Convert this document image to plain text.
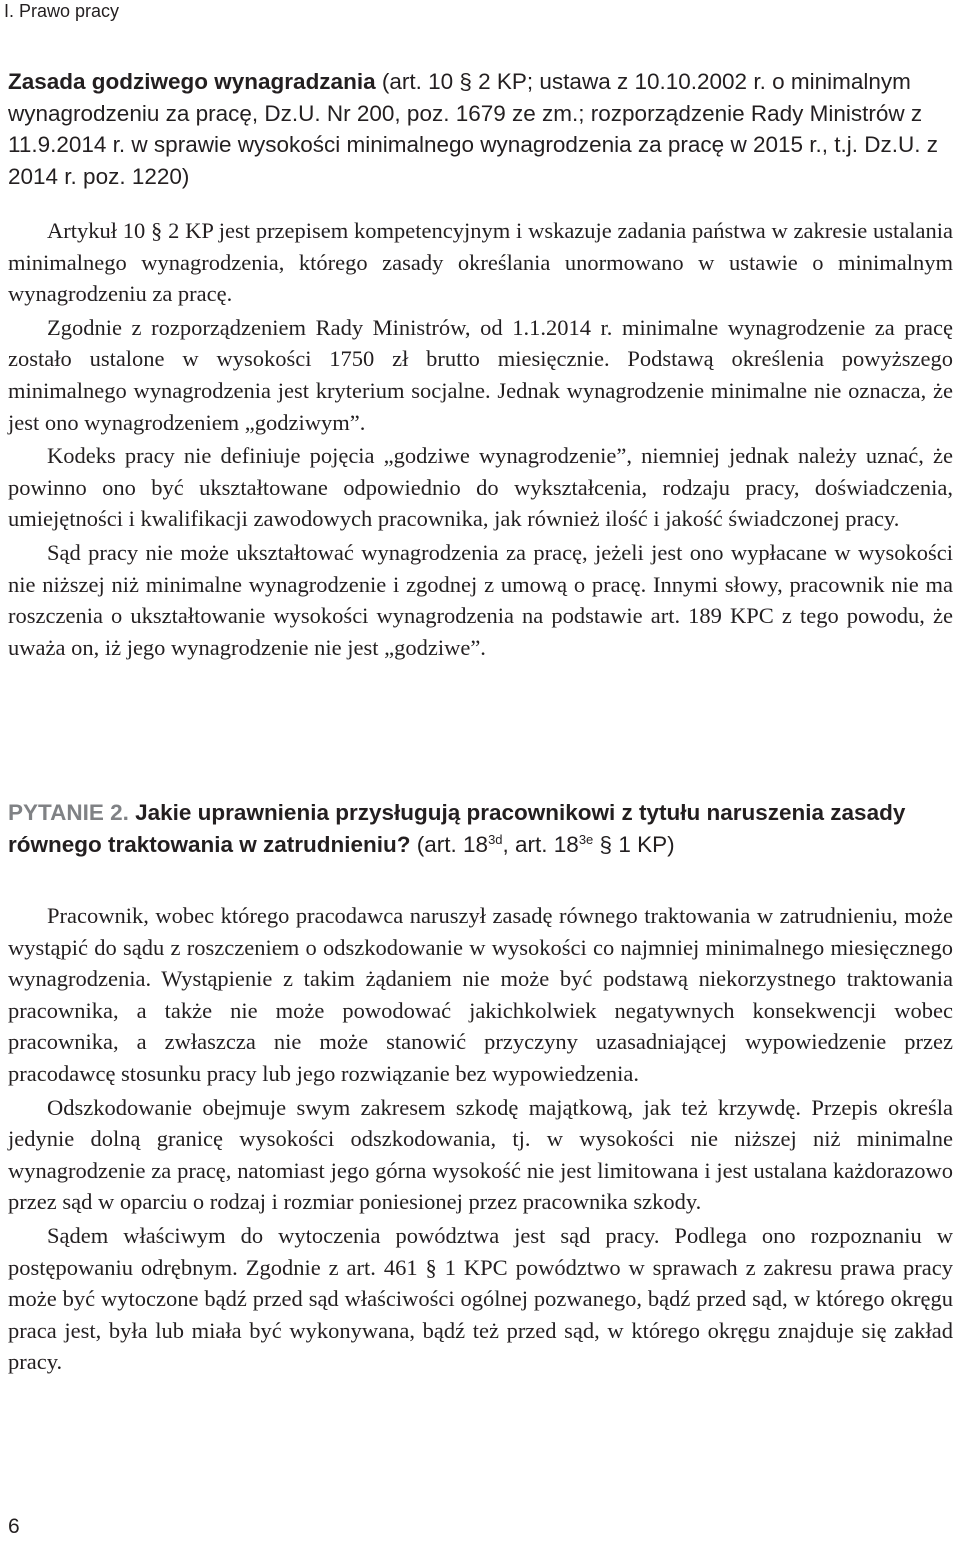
I. Prawo pracy
Zasada godziwego wynagradzania (art. 10 § 2 KP; ustawa z 10.10.2002 r. o minimalnym wynagrodzeniu za pracę, Dz.U. Nr 200, poz. 1679 ze zm.; rozporządzenie Rady Ministrów z 11.9.2014 r. w sprawie wysokości minimalnego wynagrodzenia za pracę w 2015 r., t.j. Dz.U. z 2014 r. poz. 1220)

Artykuł 10 § 2 KP jest przepisem kompetencyjnym i wskazuje zadania państwa w zakresie ustalania minimalnego wynagrodzenia, którego zasady określania unormowano w ustawie o minimalnym wynagrodzeniu za pracę.

Zgodnie z rozporządzeniem Rady Ministrów, od 1.1.2014 r. minimalne wynagrodzenie za pracę zostało ustalone w wysokości 1750 zł brutto miesięcznie. Podstawą określenia powyższego minimalnego wynagrodzenia jest kryterium socjalne. Jednak wynagrodzenie minimalne nie oznacza, że jest ono wynagrodzeniem „godziwym”.

Kodeks pracy nie definiuje pojęcia „godziwe wynagrodzenie”, niemniej jednak należy uznać, że powinno ono być ukształtowane odpowiednio do wykształcenia, rodzaju pracy, doświadczenia, umiejętności i kwalifikacji zawodowych pracownika, jak również ilość i jakość świadczonej pracy.

Sąd pracy nie może ukształtować wynagrodzenia za pracę, jeżeli jest ono wypłacane w wysokości nie niższej niż minimalne wynagrodzenie i zgodnej z umową o pracę. Innymi słowy, pracownik nie ma roszczenia o ukształtowanie wysokości wynagrodzenia na podstawie art. 189 KPC z tego powodu, że uważa on, iż jego wynagrodzenie nie jest „godziwe”.

PYTANIE 2. Jakie uprawnienia przysługują pracownikowi z tytułu naruszenia zasady równego traktowania w zatrudnieniu? (art. $18^{3d}$, art. $18^{3e}$ § 1 KP)

Pracownik, wobec którego pracodawca naruszył zasadę równego traktowania w zatrudnieniu, może wystąpić do sądu z roszczeniem o odszkodowanie w wysokości co najmniej minimalnego miesięcznego wynagrodzenia. Wystąpienie z takim żądaniem nie może być podstawą niekorzystnego traktowania pracownika, a także nie może powodować jakichkolwiek negatywnych konsekwencji wobec pracownika, a zwłaszcza nie może stanowić przyczyny uzasadniającej wypowiedzenie przez pracodawcę stosunku pracy lub jego rozwiązanie bez wypowiedzenia.

Odszkodowanie obejmuje swym zakresem szkodę majątkową, jak też krzywdę. Przepis określa jedynie dolną granicę wysokości odszkodowania, tj. w wysokości nie niższej niż minimalne wynagrodzenie za pracę, natomiast jego górna wysokość nie jest limitowana i jest ustalana każdorazowo przez sąd w oparciu o rodzaj i rozmiar poniesionej przez pracownika szkody.

Sądem właściwym do wytoczenia powództwa jest sąd pracy. Podlega ono rozpoznaniu w postępowaniu odrębnym. Zgodnie z art. 461 § 1 KPC powództwo w sprawach z zakresu prawa pracy może być wytoczone bądź przed sąd właściwości ogólnej pozwanego, bądź przed sąd, w którego okręgu praca jest, była lub miała być wykonywana, bądź też przed sąd, w którego okręgu znajduje się zakład pracy.

6
